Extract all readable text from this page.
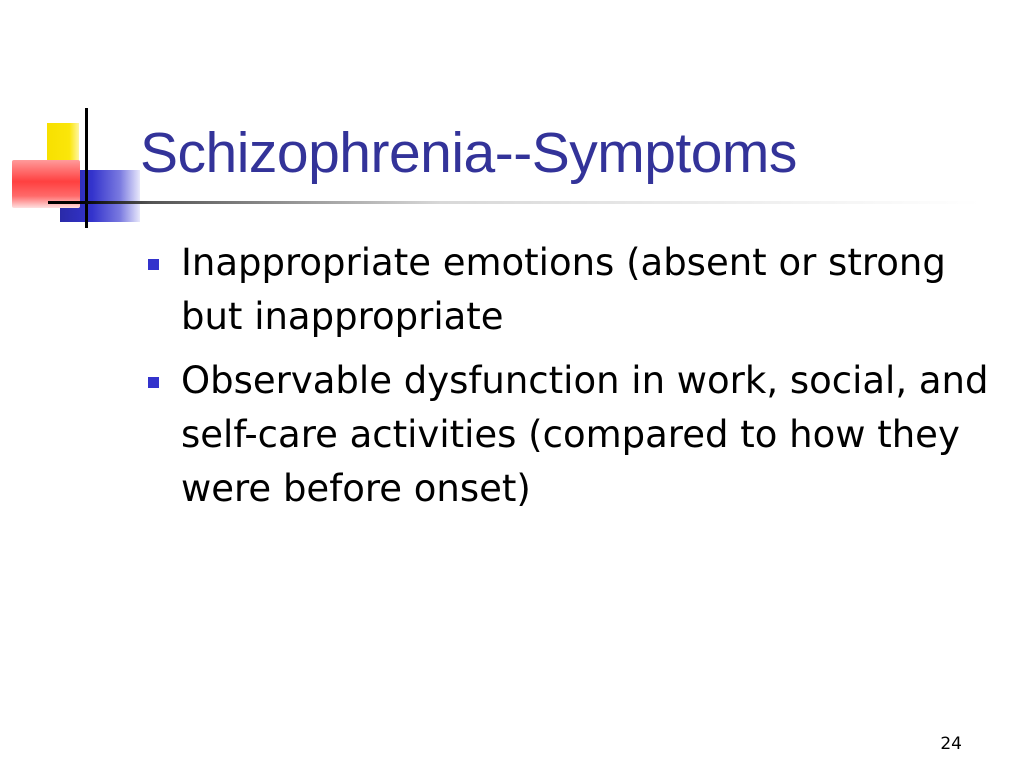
Schizophrenia--Symptoms
Inappropriate emotions (absent or strong but inappropriate
Observable dysfunction in work, social, and self-care activities (compared to how they were before onset)
24
